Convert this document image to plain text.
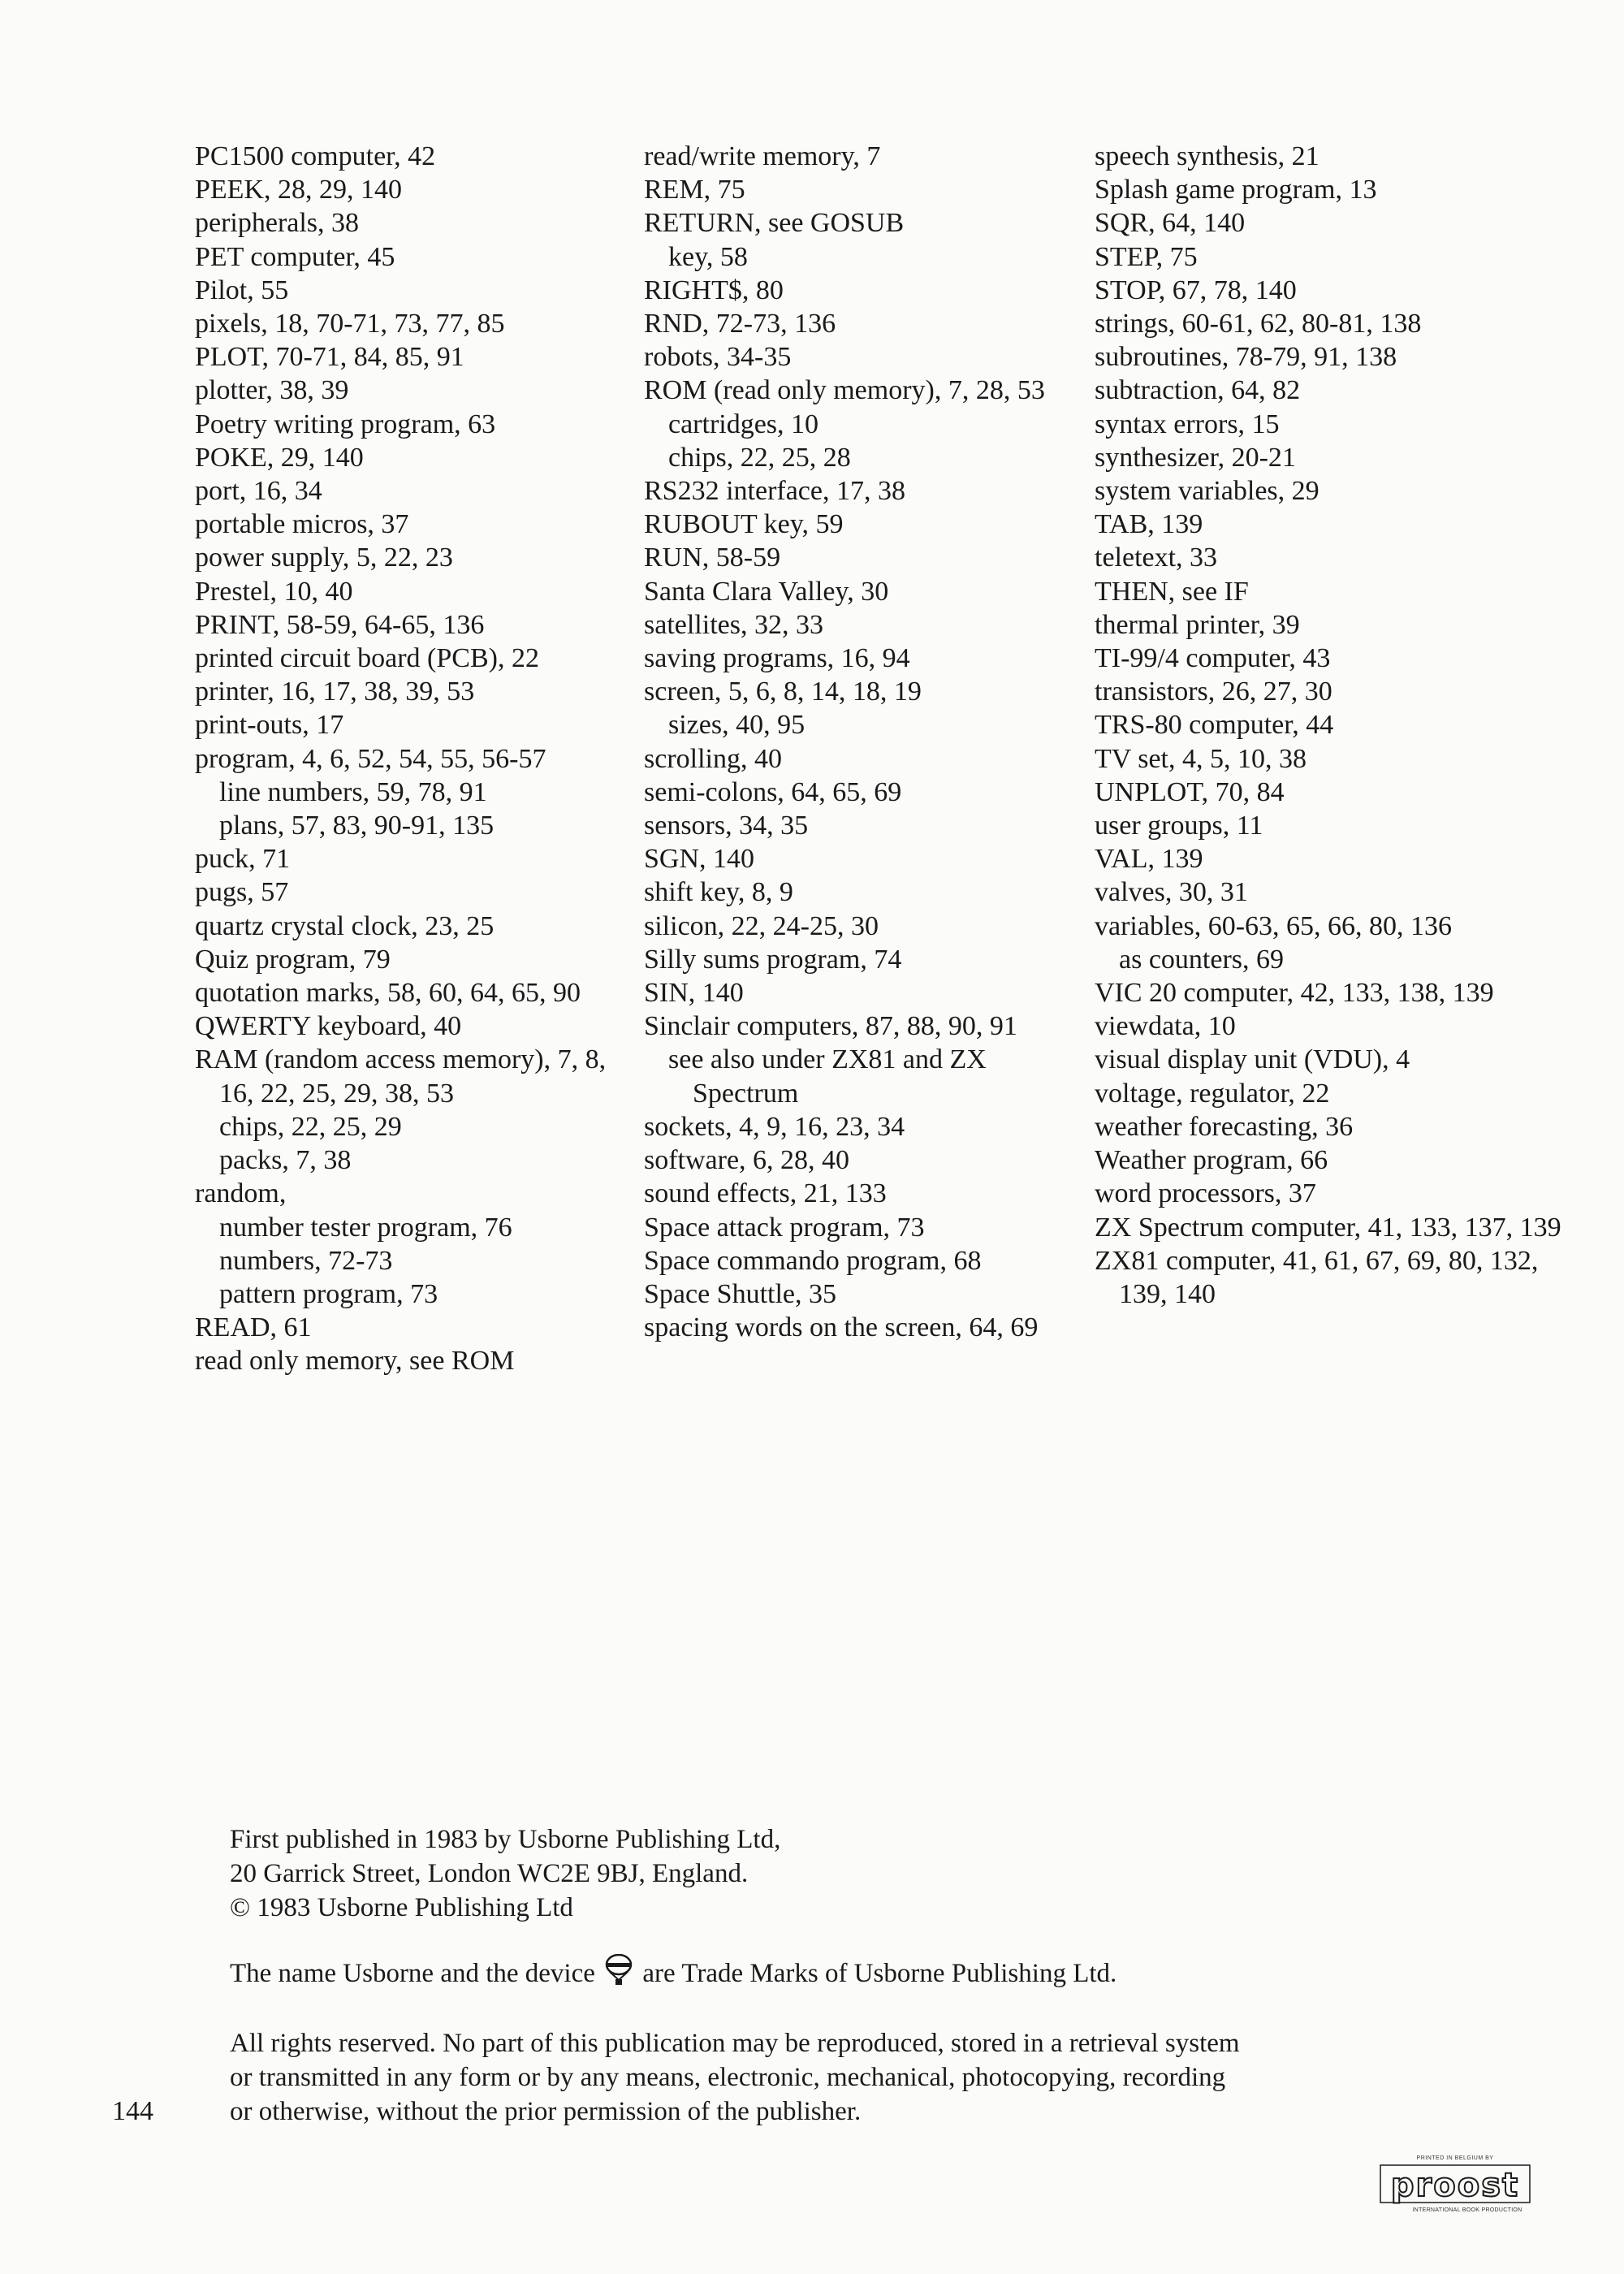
PC1500 computer, 42
PEEK, 28, 29, 140
peripherals, 38
PET computer, 45
Pilot, 55
pixels, 18, 70-71, 73, 77, 85
PLOT, 70-71, 84, 85, 91
plotter, 38, 39
Poetry writing program, 63
POKE, 29, 140
port, 16, 34
portable micros, 37
power supply, 5, 22, 23
Prestel, 10, 40
PRINT, 58-59, 64-65, 136
printed circuit board (PCB), 22
printer, 16, 17, 38, 39, 53
print-outs, 17
program, 4, 6, 52, 54, 55, 56-57
line numbers, 59, 78, 91
plans, 57, 83, 90-91, 135
puck, 71
pugs, 57
quartz crystal clock, 23, 25
Quiz program, 79
quotation marks, 58, 60, 64, 65, 90
QWERTY keyboard, 40
RAM (random access memory), 7, 8, 16, 22, 25, 29, 38, 53
chips, 22, 25, 29
packs, 7, 38
random,
number tester program, 76
numbers, 72-73
pattern program, 73
READ, 61
read only memory, see ROM
read/write memory, 7
REM, 75
RETURN, see GOSUB
key, 58
RIGHT$, 80
RND, 72-73, 136
robots, 34-35
ROM (read only memory), 7, 28, 53
cartridges, 10
chips, 22, 25, 28
RS232 interface, 17, 38
RUBOUT key, 59
RUN, 58-59
Santa Clara Valley, 30
satellites, 32, 33
saving programs, 16, 94
screen, 5, 6, 8, 14, 18, 19
sizes, 40, 95
scrolling, 40
semi-colons, 64, 65, 69
sensors, 34, 35
SGN, 140
shift key, 8, 9
silicon, 22, 24-25, 30
Silly sums program, 74
SIN, 140
Sinclair computers, 87, 88, 90, 91
see also under ZX81 and ZX Spectrum
sockets, 4, 9, 16, 23, 34
software, 6, 28, 40
sound effects, 21, 133
Space attack program, 73
Space commando program, 68
Space Shuttle, 35
spacing words on the screen, 64, 69
speech synthesis, 21
Splash game program, 13
SQR, 64, 140
STEP, 75
STOP, 67, 78, 140
strings, 60-61, 62, 80-81, 138
subroutines, 78-79, 91, 138
subtraction, 64, 82
syntax errors, 15
synthesizer, 20-21
system variables, 29
TAB, 139
teletext, 33
THEN, see IF
thermal printer, 39
TI-99/4 computer, 43
transistors, 26, 27, 30
TRS-80 computer, 44
TV set, 4, 5, 10, 38
UNPLOT, 70, 84
user groups, 11
VAL, 139
valves, 30, 31
variables, 60-63, 65, 66, 80, 136
as counters, 69
VIC 20 computer, 42, 133, 138, 139
viewdata, 10
visual display unit (VDU), 4
voltage, regulator, 22
weather forecasting, 36
Weather program, 66
word processors, 37
ZX Spectrum computer, 41, 133, 137, 139
ZX81 computer, 41, 61, 67, 69, 80, 132, 139, 140

First published in 1983 by Usborne Publishing Ltd,

20 Garrick Street, London WC2E 9BJ, England.

© 1983 Usborne Publishing Ltd

The name Usborne and the device are Trade Marks of Usborne Publishing Ltd.

All rights reserved. No part of this publication may be reproduced, stored in a retrieval system

or transmitted in any form or by any means, electronic, mechanical, photocopying, recording

or otherwise, without the prior permission of the publisher.

144
PRINTED IN BELGIUM BY
proost
INTERNATIONAL BOOK PRODUCTION
